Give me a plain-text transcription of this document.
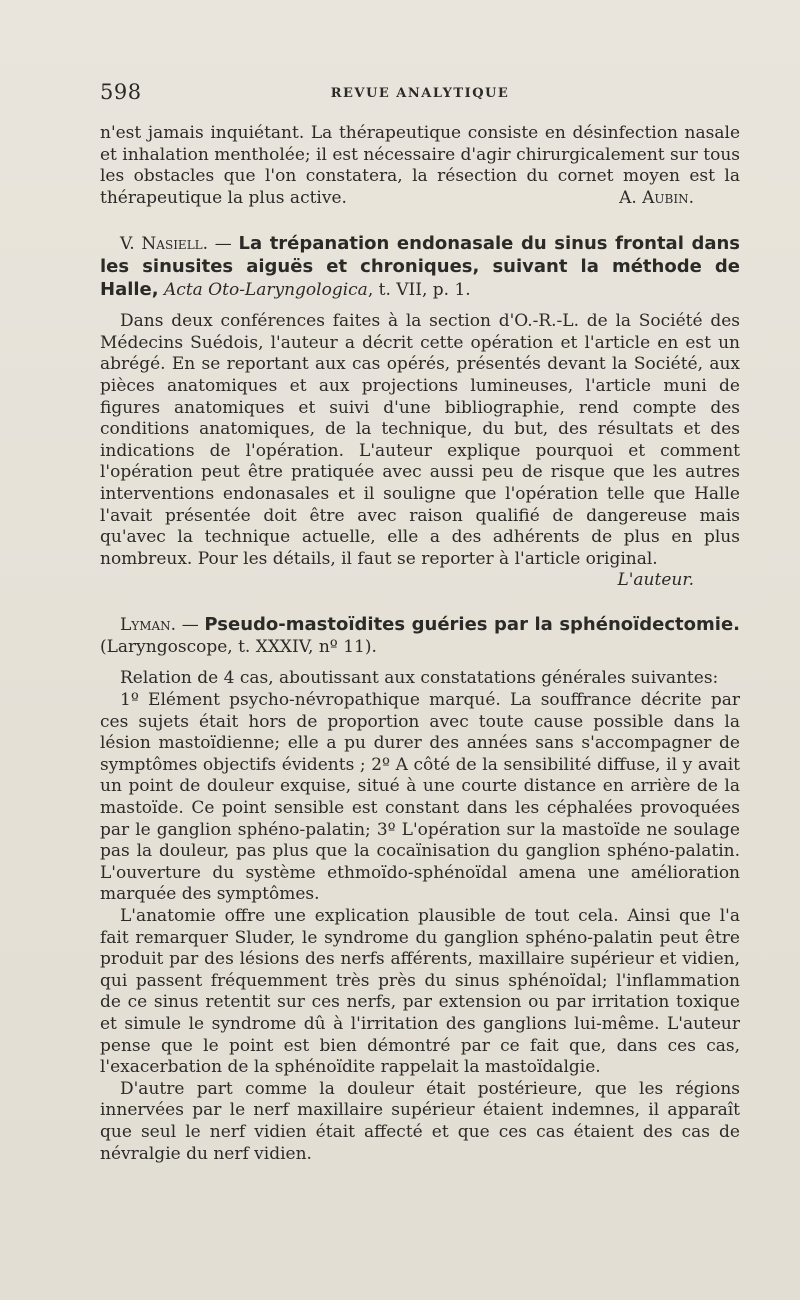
598	REVUE ANALYTIQUE

n'est jamais inquiétant. La thérapeutique consiste en désinfection nasale et inhalation mentholée; il est nécessaire d'agir chirurgicalement sur tous les obstacles que l'on constatera, la résection du cornet moyen est la thérapeutique la plus active.	A. Aubin.

V. Nasiell. — La trépanation endonasale du sinus frontal dans les sinusites aiguës et chroniques, suivant la méthode de Halle, Acta Oto-Laryngologica, t. VII, p. 1.

Dans deux conférences faites à la section d'O.-R.-L. de la Société des Médecins Suédois, l'auteur a décrit cette opération et l'article en est un abrégé. En se reportant aux cas opérés, présentés devant la Société, aux pièces anatomiques et aux projections lumineuses, l'article muni de figures anatomiques et suivi d'une bibliographie, rend compte des conditions anatomiques, de la technique, du but, des résultats et des indications de l'opération. L'auteur explique pourquoi et comment l'opération peut être pratiquée avec aussi peu de risque que les autres interventions endonasales et il souligne que l'opération telle que Halle l'avait présentée doit être avec raison qualifié de dangereuse mais qu'avec la technique actuelle, elle a des adhérents de plus en plus nombreux. Pour les détails, il faut se reporter à l'article original.
L'auteur.

Lyman. — Pseudo-mastoïdites guéries par la sphénoïdectomie.(Laryngoscope, t. XXXIV, nº 11).

Relation de 4 cas, aboutissant aux constatations générales suivantes:

1º Elément psycho-névropathique marqué. La souffrance décrite par ces sujets était hors de proportion avec toute cause possible dans la lésion mastoïdienne; elle a pu durer des années sans s'accompagner de symptômes objectifs évidents ; 2º A côté de la sensibilité diffuse, il y avait un point de douleur exquise, situé à une courte distance en arrière de la mastoïde. Ce point sensible est constant dans les céphalées provoquées par le ganglion sphéno-palatin; 3º L'opération sur la mastoïde ne soulage pas la douleur, pas plus que la cocaïnisation du ganglion sphéno-palatin. L'ouverture du système ethmoïdo-sphénoïdal amena une amélioration marquée des symptômes.

L'anatomie offre une explication plausible de tout cela. Ainsi que l'a fait remarquer Sluder, le syndrome du ganglion sphéno-palatin peut être produit par des lésions des nerfs afférents, maxillaire supérieur et vidien, qui passent fréquemment très près du sinus sphénoïdal; l'inflammation de ce sinus retentit sur ces nerfs, par extension ou par irritation toxique et simule le syndrome dû à l'irritation des ganglions lui-même. L'auteur pense que le point est bien démontré par ce fait que, dans ces cas, l'exacerbation de la sphénoïdite rappelait la mastoïdalgie.

D'autre part comme la douleur était postérieure, que les régions innervées par le nerf maxillaire supérieur étaient indemnes, il apparaît que seul le nerf vidien était affecté et que ces cas étaient des cas de névralgie du nerf vidien.
